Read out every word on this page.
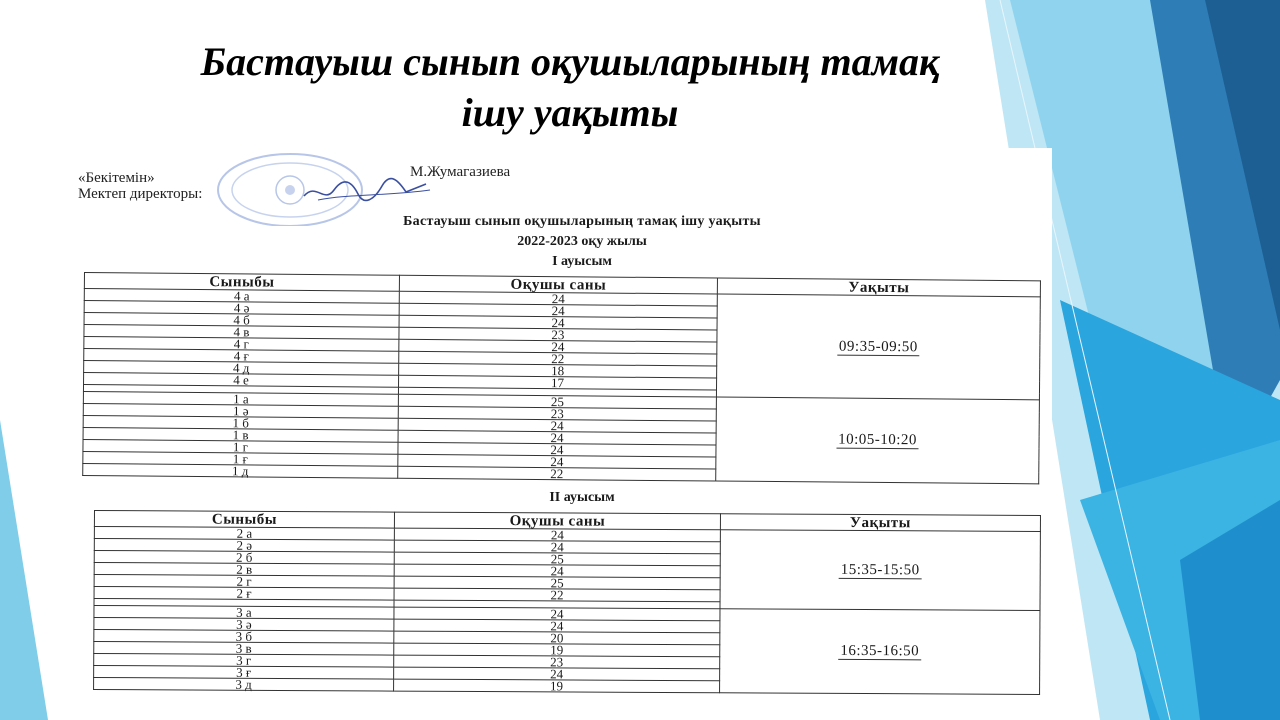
Бастауыш сынып оқушыларының тамақ
ішу уақыты
«Бекітемін»
Мектеп директоры:
М.Жумагазиева
Бастауыш сынып оқушыларының тамақ ішу уақыты
2022-2023 оқу жылы
І ауысым
Сыныбы	Оқушы саны	Уақыты
4 а	24	09:35-09:50
4 ә	24	
4 б	24	
4 в	23	
4 г	24	
4 ғ	22	
4 д	18	
4 е	17	

1 а	25	10:05-10:20
1 ә	23	
1 б	24	
1 в	24	
1 г	24	
1 ғ	24	
1 д	22	
ІІ ауысым
Сыныбы	Оқушы саны	Уақыты
2 а	24	15:35-15:50
2 ә	24	
2 б	25	
2 в	24	
2 г	25	
2 ғ	22	

3 а	24	16:35-16:50
3 ә	24	
3 б	20	
3 в	19	
3 г	23	
3 ғ	24	
3 д	19	
